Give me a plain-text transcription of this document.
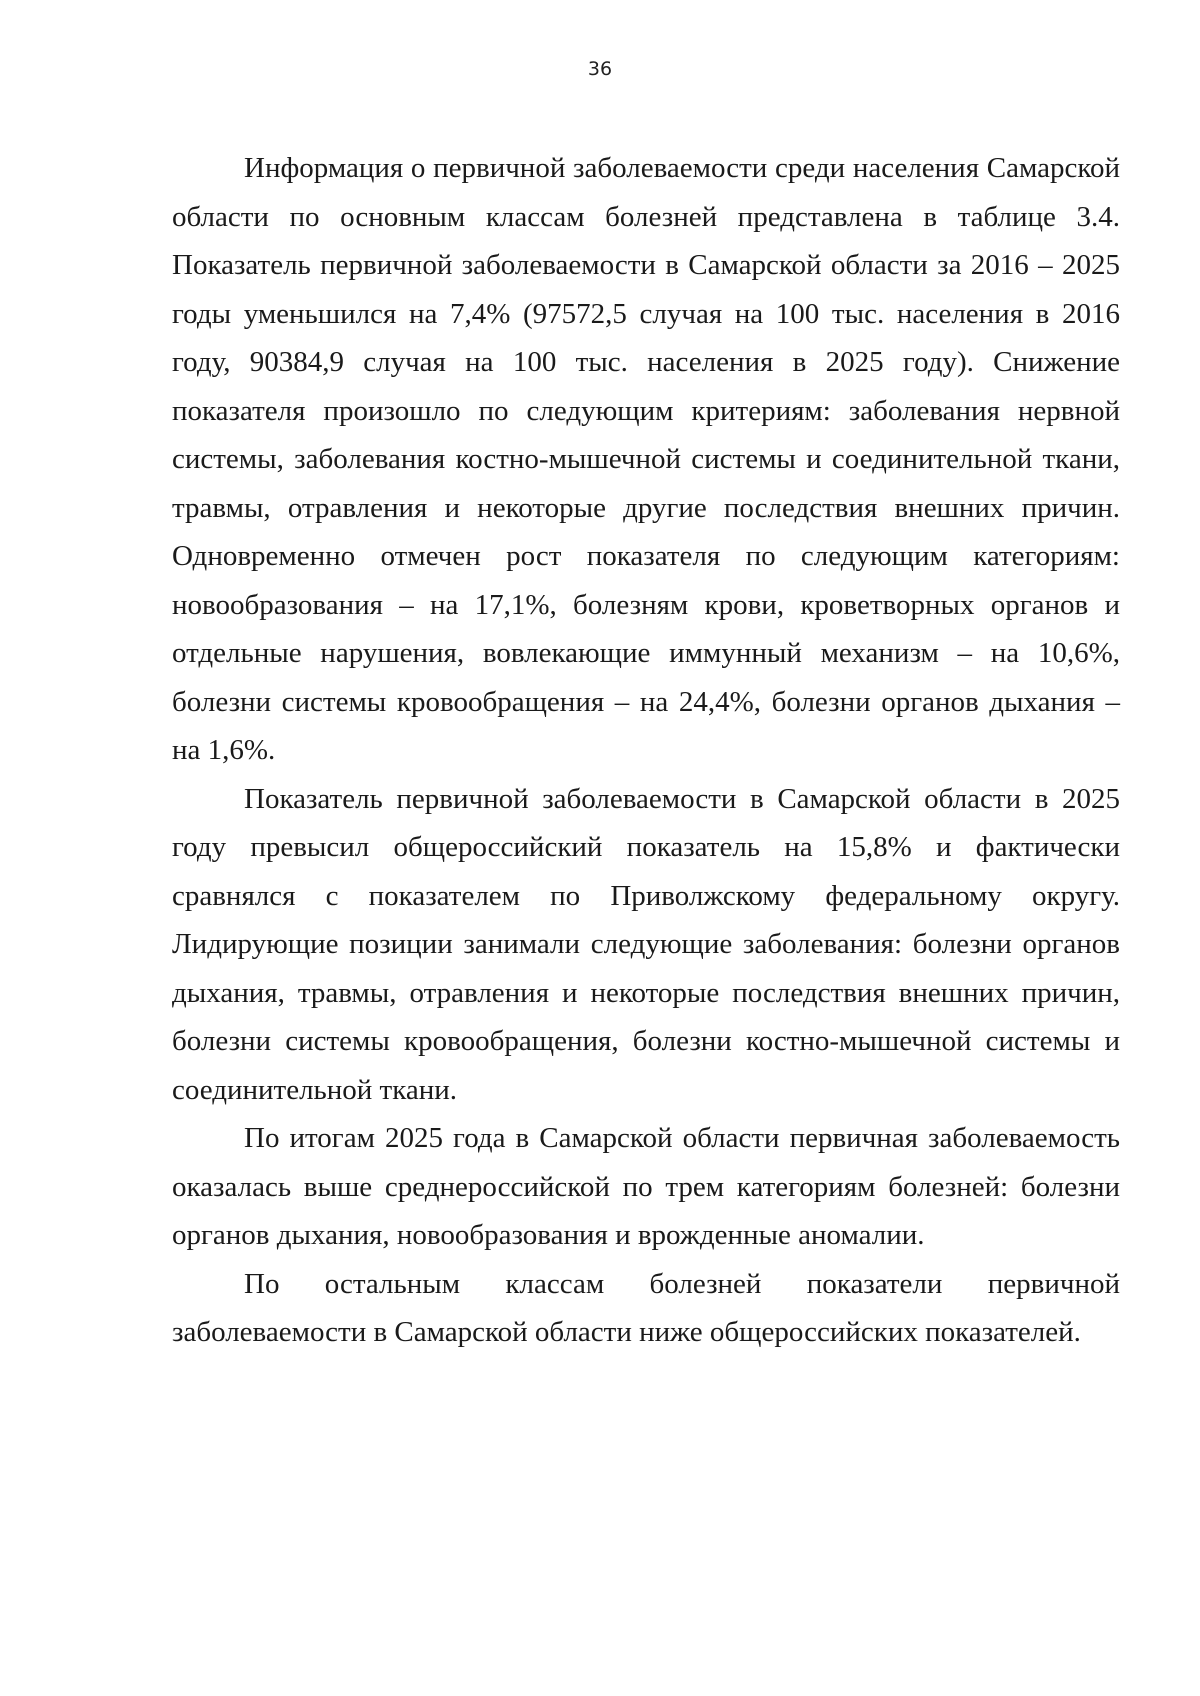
36

Информация о первичной заболеваемости среди населения Самарской области по основным классам болезней представлена в таблице 3.4. Показатель первичной заболеваемости в Самарской области за 2016 – 2025 годы уменьшился на 7,4% (97572,5 случая на 100 тыс. населения в 2016 году, 90384,9 случая на 100 тыс. населения в 2025 году). Снижение показателя произошло по следующим критериям: заболевания нервной системы, заболевания костно-мышечной системы и соединительной ткани, травмы, отравления и некоторые другие последствия внешних причин. Одновременно отмечен рост показателя по следующим категориям: новообразования – на 17,1%, болезням крови, кроветворных органов и отдельные нарушения, вовлекающие иммунный механизм – на 10,6%, болезни системы кровообращения – на 24,4%, болезни органов дыхания – на 1,6%.

Показатель первичной заболеваемости в Самарской области в 2025 году превысил общероссийский показатель на 15,8% и фактически сравнялся с показателем по Приволжскому федеральному округу. Лидирующие позиции занимали следующие заболевания: болезни органов дыхания, травмы, отравления и некоторые последствия внешних причин, болезни системы кровообращения, болезни костно-мышечной системы и соединительной ткани.

По итогам 2025 года в Самарской области первичная заболеваемость оказалась выше среднероссийской по трем категориям болезней: болезни органов дыхания, новообразования и врожденные аномалии.

По остальным классам болезней показатели первичной заболеваемости в Самарской области ниже общероссийских показателей.
